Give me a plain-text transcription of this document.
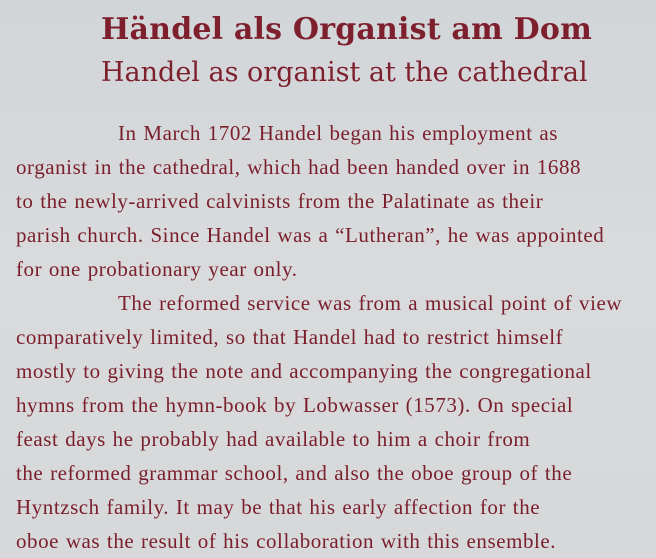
Händel als Organist am Dom
Handel as organist at the cathedral

In March 1702 Handel began his employment as

organist in the cathedral, which had been handed over in 1688

to the newly-arrived calvinists from the Palatinate as their

parish church. Since Handel was a “Lutheran”, he was appointed

for one probationary year only.

The reformed service was from a musical point of view

comparatively limited, so that Handel had to restrict himself

mostly to giving the note and accompanying the congregational

hymns from the hymn-book by Lobwasser (1573). On special

feast days he probably had available to him a choir from

the reformed grammar school, and also the oboe group of the

Hyntzsch family. It may be that his early affection for the

oboe was the result of his collaboration with this ensemble.
